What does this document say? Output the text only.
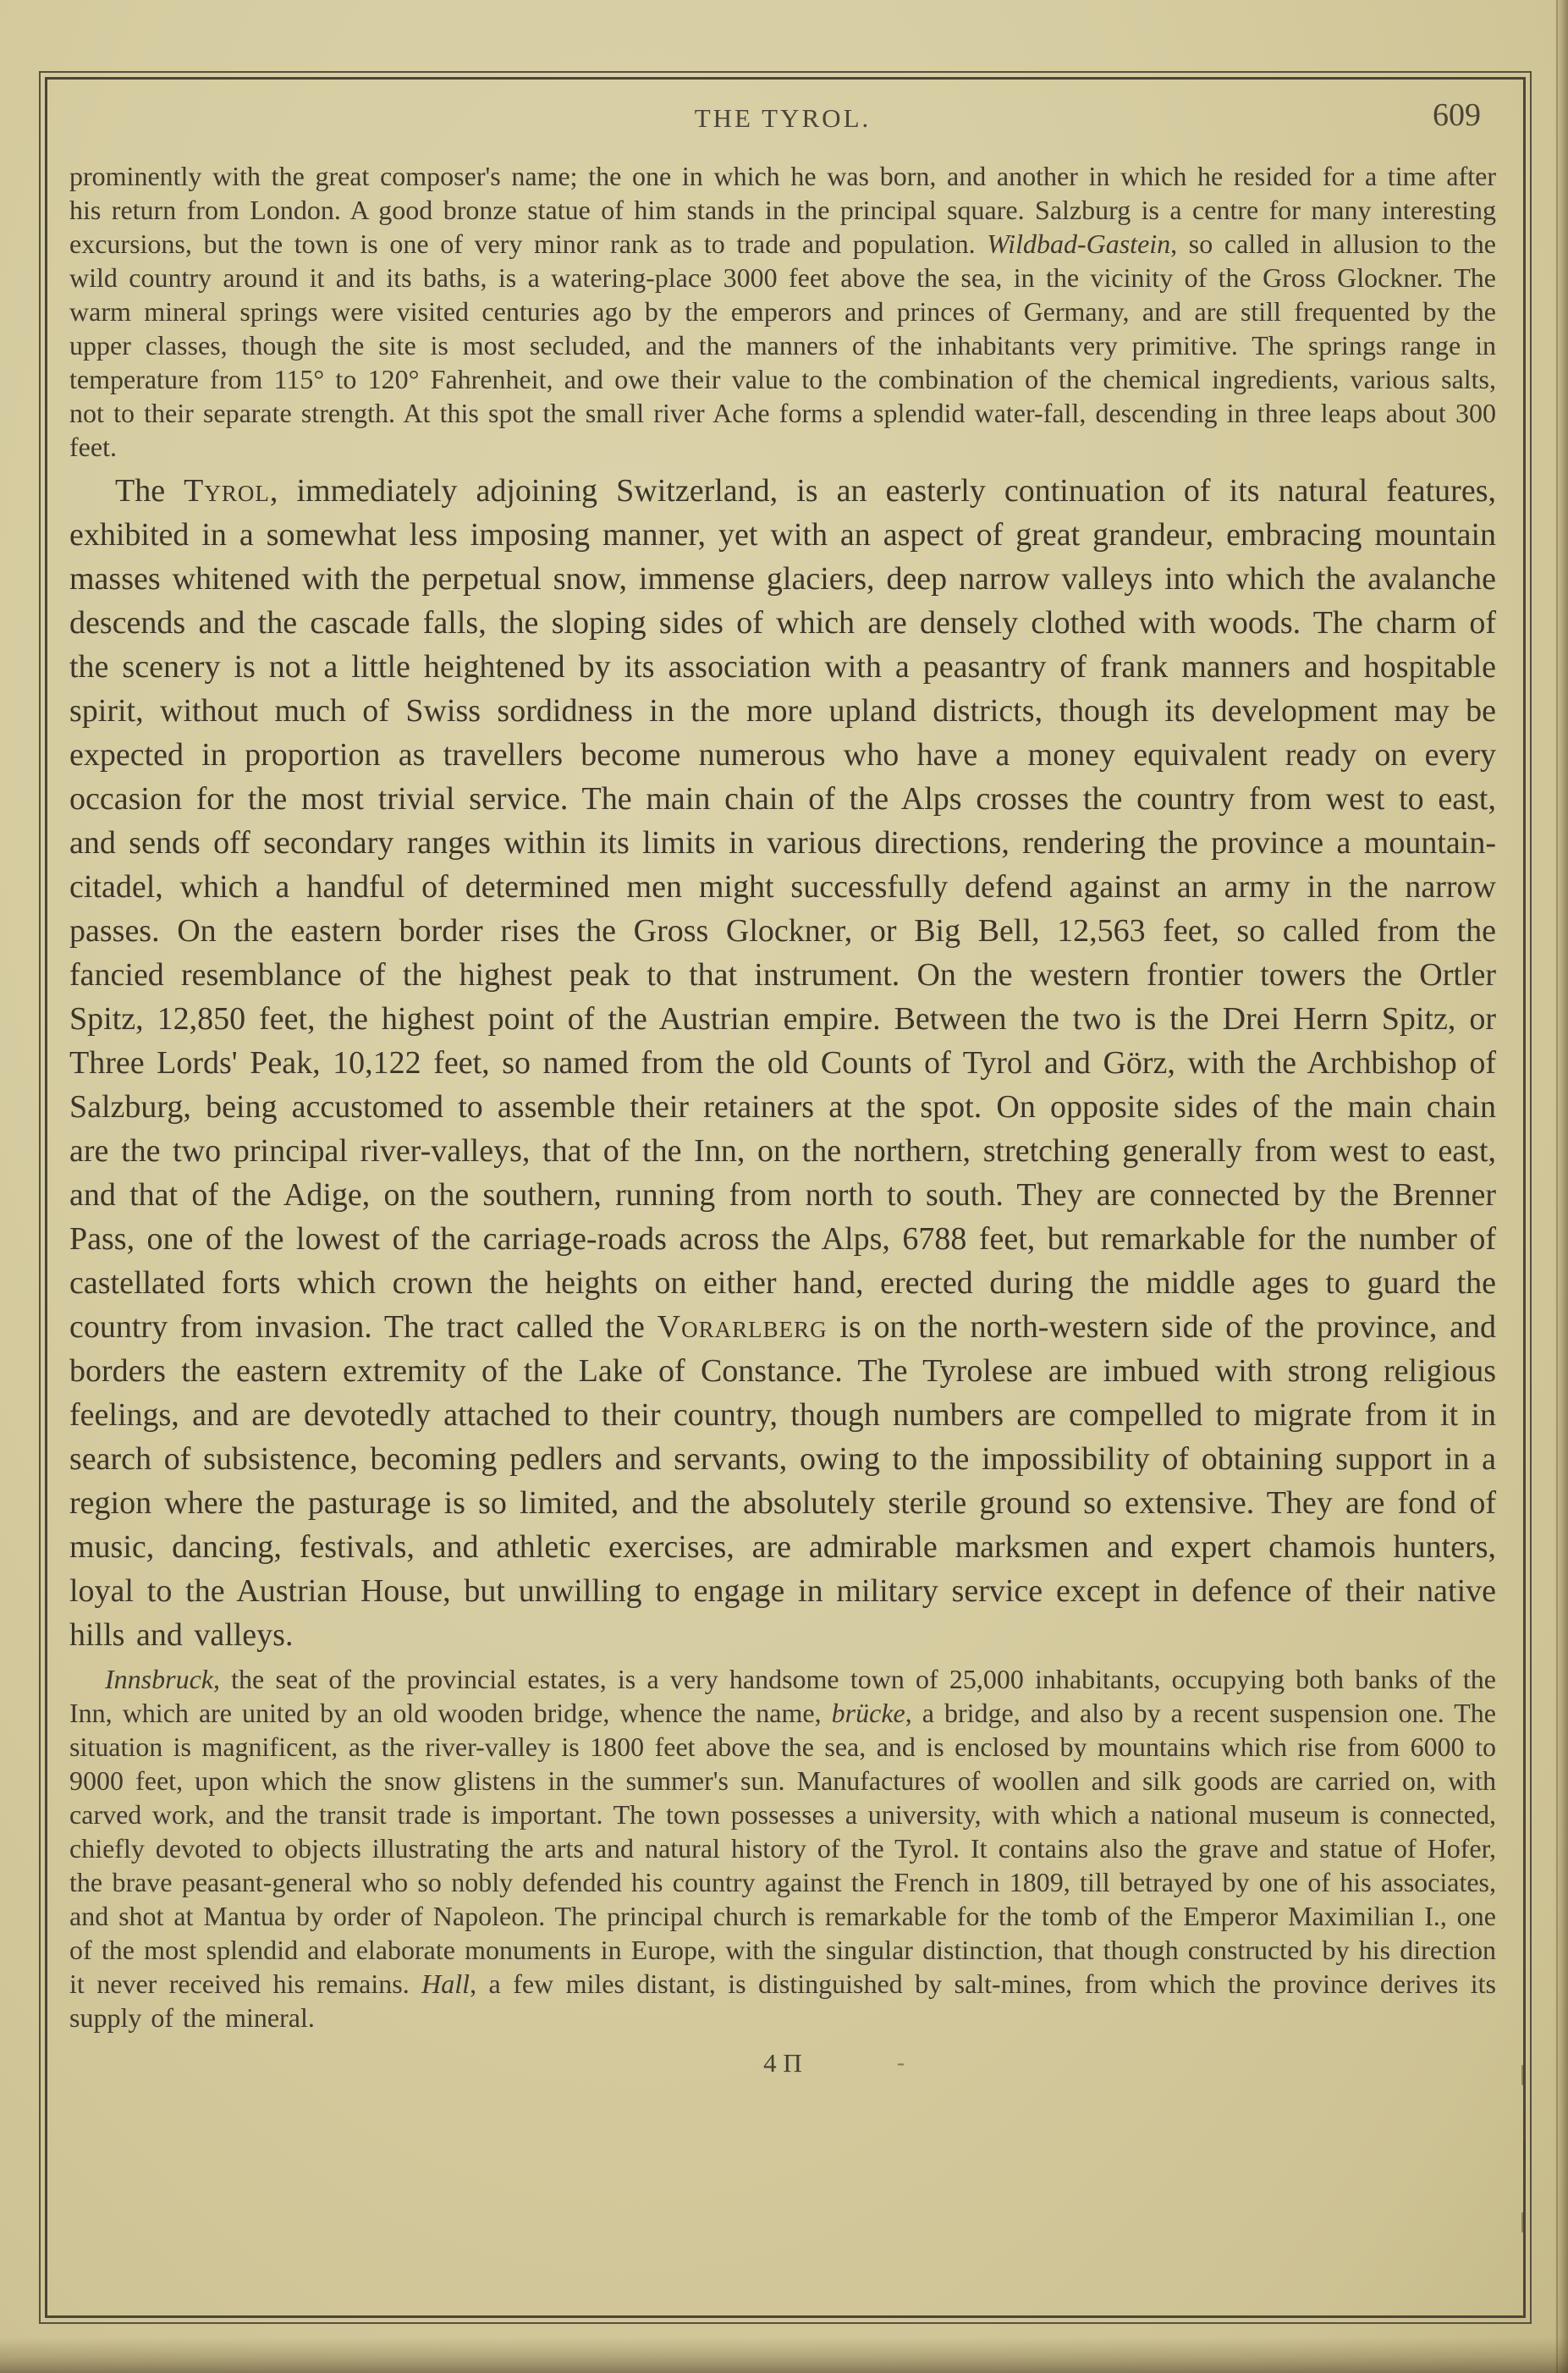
THE TYROL.	609

prominently with the great composer's name; the one in which he was born, and another in which he resided for a time after his return from London. A good bronze statue of him stands in the principal square. Salzburg is a centre for many interesting excursions, but the town is one of very minor rank as to trade and population. Wildbad-Gastein, so called in allusion to the wild country around it and its baths, is a watering-place 3000 feet above the sea, in the vicinity of the Gross Glockner. The warm mineral springs were visited centuries ago by the emperors and princes of Germany, and are still frequented by the upper classes, though the site is most secluded, and the manners of the inhabitants very primitive. The springs range in temperature from 115° to 120° Fahrenheit, and owe their value to the combination of the chemical ingredients, various salts, not to their separate strength. At this spot the small river Ache forms a splendid water-fall, descending in three leaps about 300 feet.

The Tyrol, immediately adjoining Switzerland, is an easterly continuation of its natural features, exhibited in a somewhat less imposing manner, yet with an aspect of great grandeur, embracing mountain masses whitened with the perpetual snow, immense glaciers, deep narrow valleys into which the avalanche descends and the cascade falls, the sloping sides of which are densely clothed with woods. The charm of the scenery is not a little heightened by its association with a peasantry of frank manners and hospitable spirit, without much of Swiss sordidness in the more upland districts, though its development may be expected in proportion as travellers become numerous who have a money equivalent ready on every occasion for the most trivial service. The main chain of the Alps crosses the country from west to east, and sends off secondary ranges within its limits in various directions, rendering the province a mountain-citadel, which a handful of determined men might successfully defend against an army in the narrow passes. On the eastern border rises the Gross Glockner, or Big Bell, 12,563 feet, so called from the fancied resemblance of the highest peak to that instrument. On the western frontier towers the Ortler Spitz, 12,850 feet, the highest point of the Austrian empire. Between the two is the Drei Herrn Spitz, or Three Lords' Peak, 10,122 feet, so named from the old Counts of Tyrol and Görz, with the Archbishop of Salzburg, being accustomed to assemble their retainers at the spot. On opposite sides of the main chain are the two principal river-valleys, that of the Inn, on the northern, stretching generally from west to east, and that of the Adige, on the southern, running from north to south. They are connected by the Brenner Pass, one of the lowest of the carriage-roads across the Alps, 6788 feet, but remarkable for the number of castellated forts which crown the heights on either hand, erected during the middle ages to guard the country from invasion. The tract called the Vorarlberg is on the north-western side of the province, and borders the eastern extremity of the Lake of Constance. The Tyrolese are imbued with strong religious feelings, and are devotedly attached to their country, though numbers are compelled to migrate from it in search of subsistence, becoming pedlers and servants, owing to the impossibility of obtaining support in a region where the pasturage is so limited, and the absolutely sterile ground so extensive. They are fond of music, dancing, festivals, and athletic exercises, are admirable marksmen and expert chamois hunters, loyal to the Austrian House, but unwilling to engage in military service except in defence of their native hills and valleys.

Innsbruck, the seat of the provincial estates, is a very handsome town of 25,000 inhabitants, occupying both banks of the Inn, which are united by an old wooden bridge, whence the name, brücke, a bridge, and also by a recent suspension one. The situation is magnificent, as the river-valley is 1800 feet above the sea, and is enclosed by mountains which rise from 6000 to 9000 feet, upon which the snow glistens in the summer's sun. Manufactures of woollen and silk goods are carried on, with carved work, and the transit trade is important. The town possesses a university, with which a national museum is connected, chiefly devoted to objects illustrating the arts and natural history of the Tyrol. It contains also the grave and statue of Hofer, the brave peasant-general who so nobly defended his country against the French in 1809, till betrayed by one of his associates, and shot at Mantua by order of Napoleon. The principal church is remarkable for the tomb of the Emperor Maximilian I., one of the most splendid and elaborate monuments in Europe, with the singular distinction, that though constructed by his direction it never received his remains. Hall, a few miles distant, is distinguished by salt-mines, from which the province derives its supply of the mineral.

4 Π	-
